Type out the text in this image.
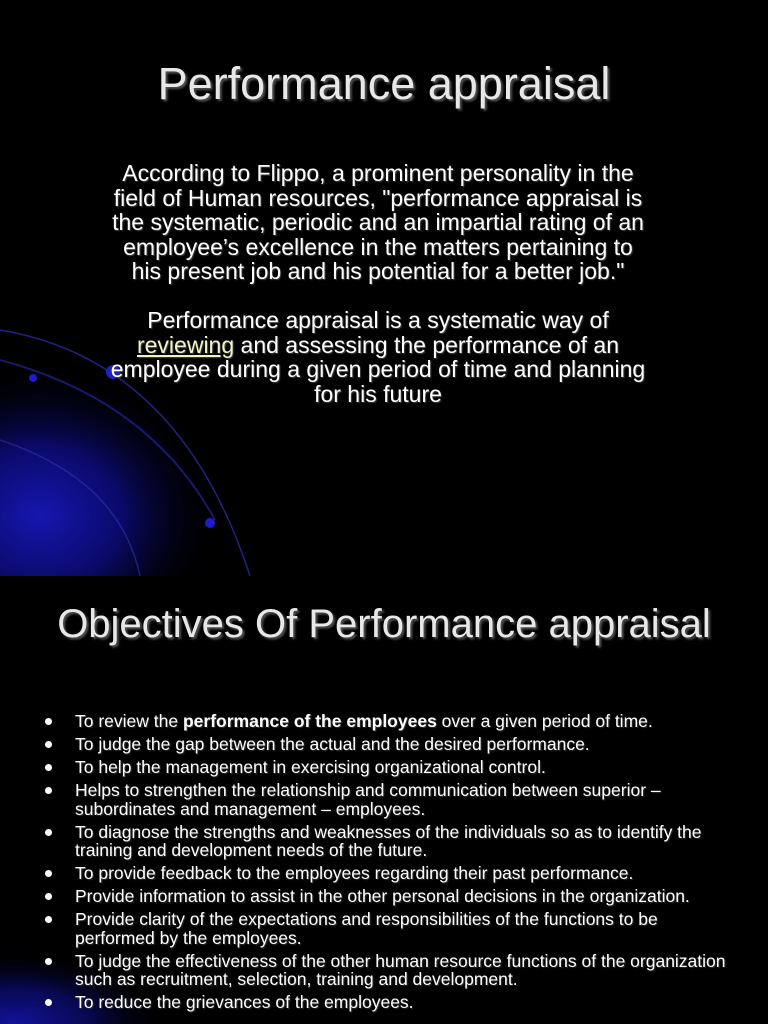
Performance appraisal

According to Flippo, a prominent personality in the field of Human resources, "performance appraisal is the systematic, periodic and an impartial rating of an employee’s excellence in the matters pertaining to his present job and his potential for a better job."

Performance appraisal is a systematic way of reviewing and assessing the performance of an employee during a given period of time and planning for his future

Objectives Of Performance appraisal
To review the performance of the employees over a given period of time.
To judge the gap between the actual and the desired performance.
To help the management in exercising organizational control.
Helps to strengthen the relationship and communication between superior – subordinates and management – employees.
To diagnose the strengths and weaknesses of the individuals so as to identify the training and development needs of the future.
To provide feedback to the employees regarding their past performance.
Provide information to assist in the other personal decisions in the organization.
Provide clarity of the expectations and responsibilities of the functions to be performed by the employees.
To judge the effectiveness of the other human resource functions of the organization such as recruitment, selection, training and development.
To reduce the grievances of the employees.
